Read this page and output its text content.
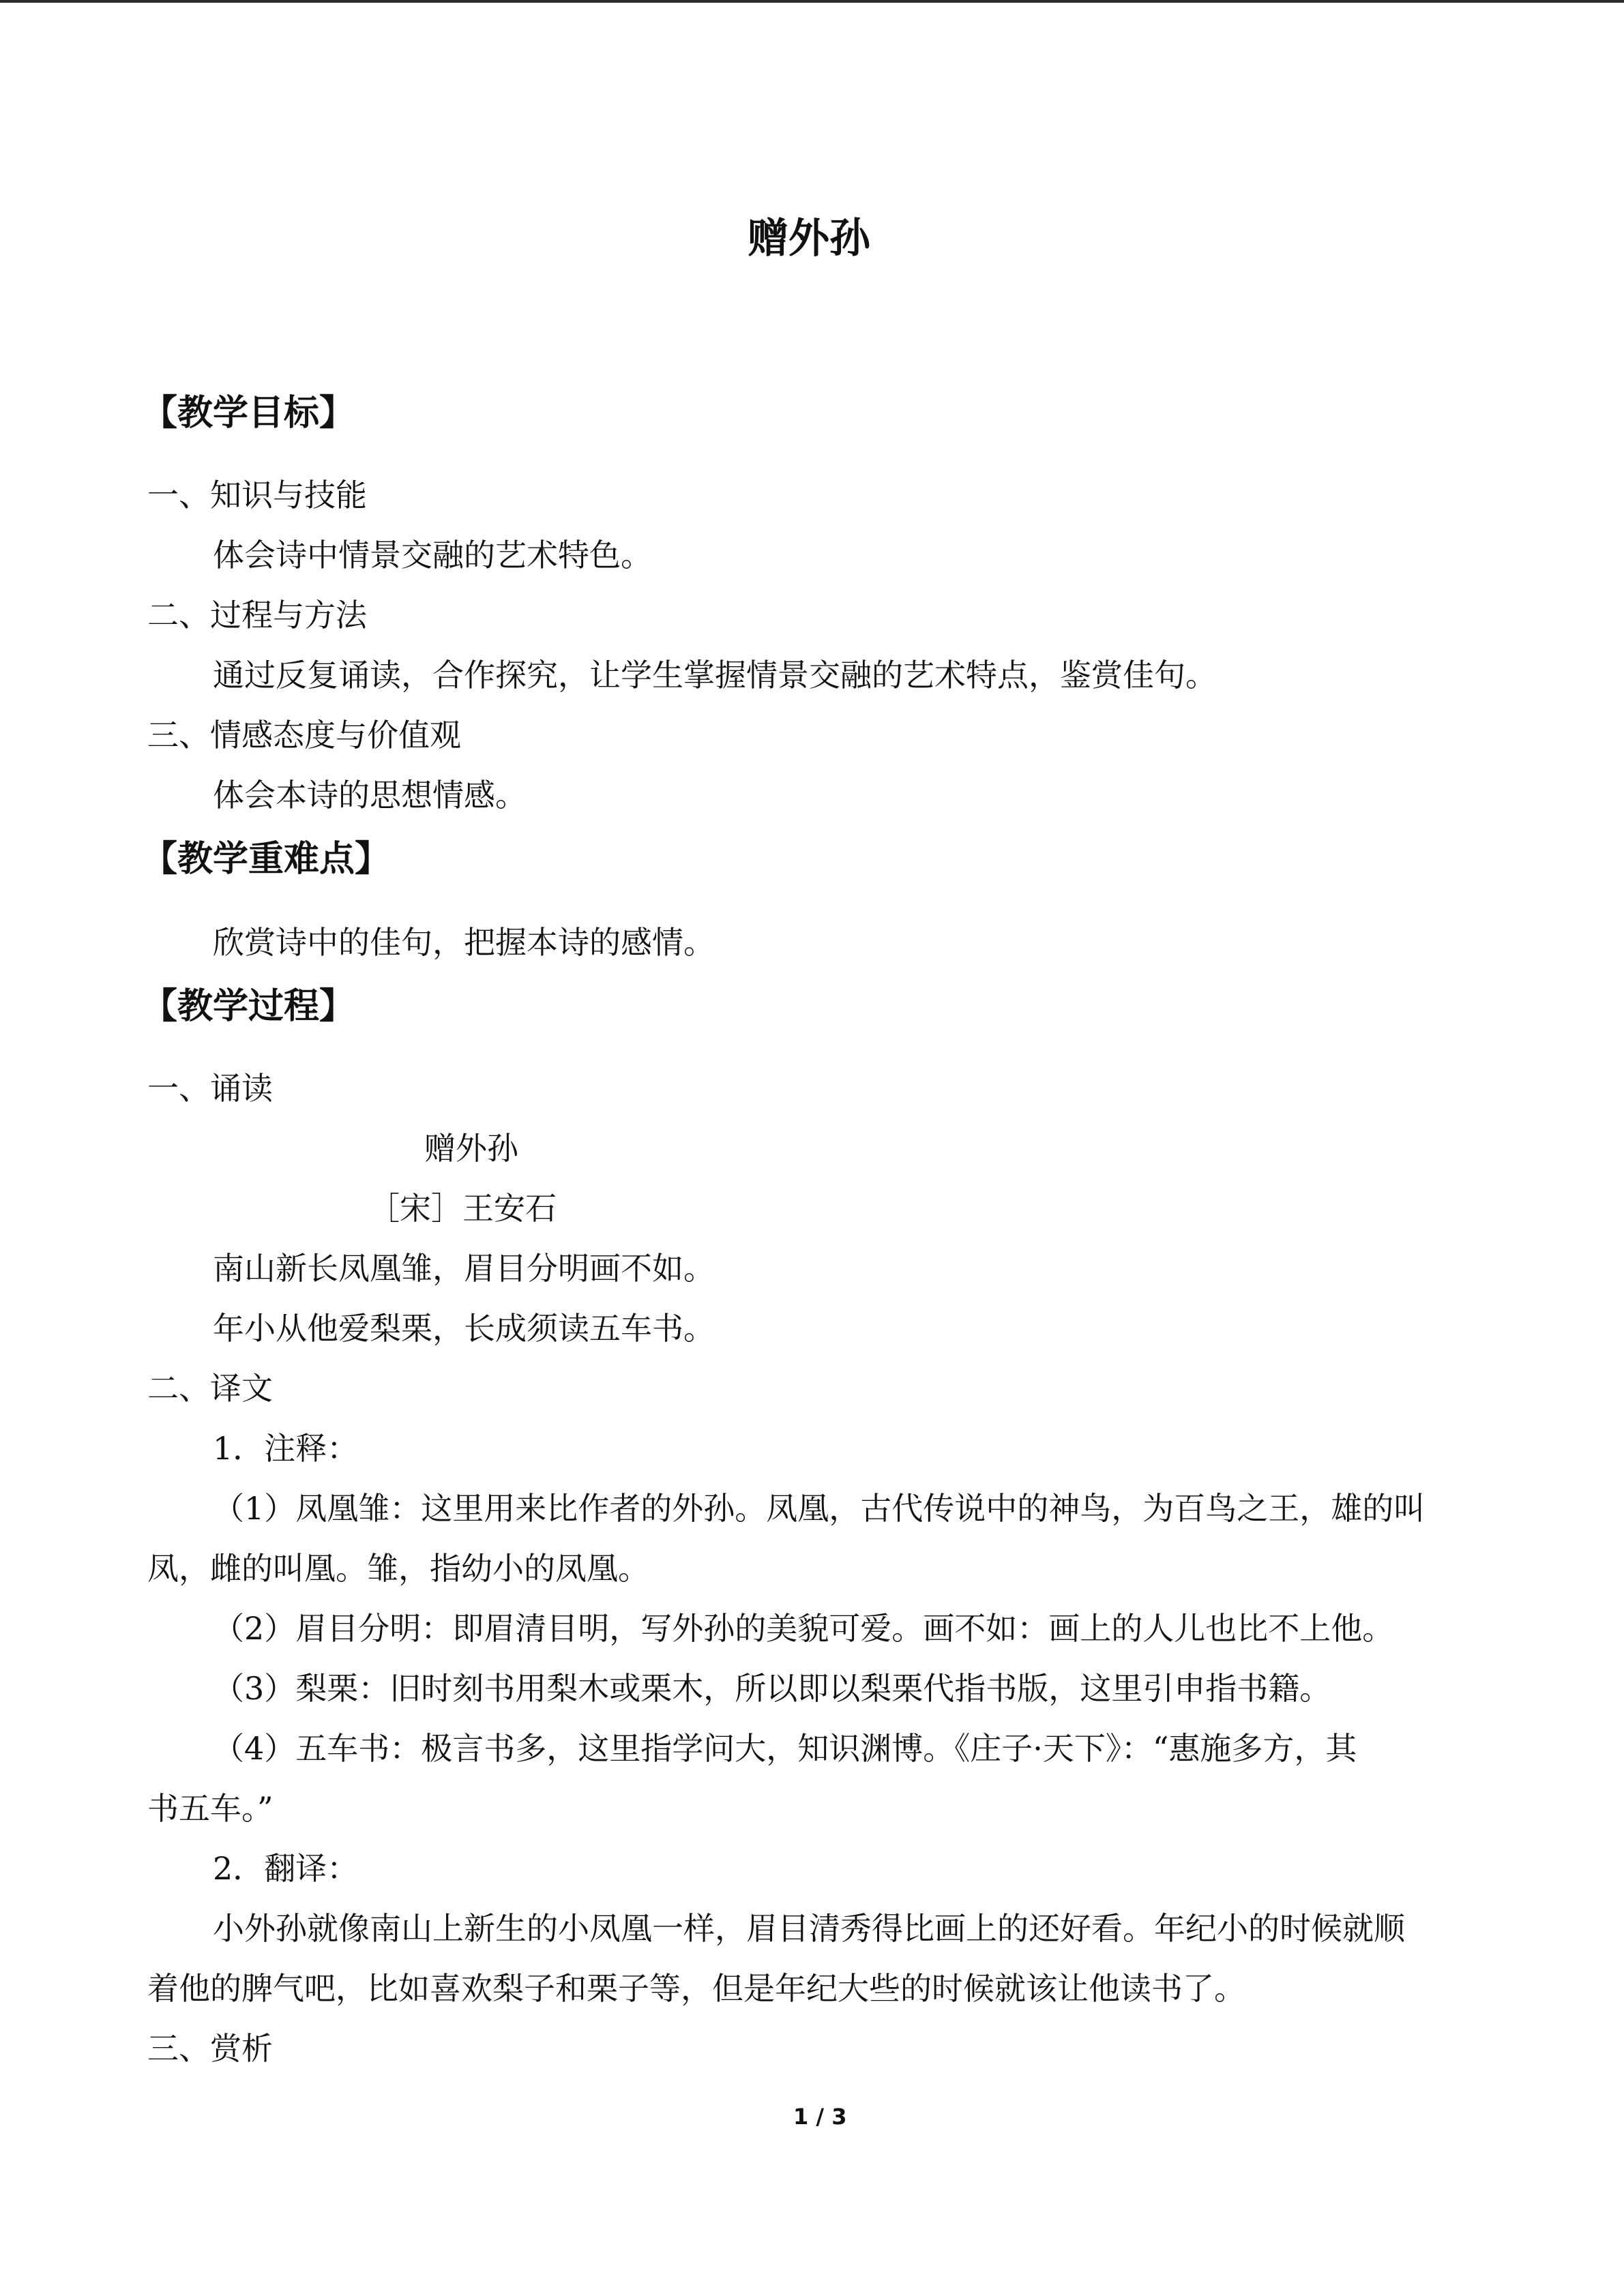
赠外孙
【教学目标】
一、知识与技能
体会诗中情景交融的艺术特色。
二、过程与方法
通过反复诵读，合作探究，让学生掌握情景交融的艺术特点，鉴赏佳句。
三、情感态度与价值观
体会本诗的思想情感。
【教学重难点】
欣赏诗中的佳句，把握本诗的感情。
【教学过程】
一、诵读
赠外孙
［宋］王安石
南山新长凤凰雏，眉目分明画不如。
年小从他爱梨栗，长成须读五车书。
二、译文
1．注释：
（1）凤凰雏：这里用来比作者的外孙。凤凰，古代传说中的神鸟，为百鸟之王，雄的叫
凤，雌的叫凰。雏，指幼小的凤凰。
（2）眉目分明：即眉清目明，写外孙的美貌可爱。画不如：画上的人儿也比不上他。
（3）梨栗：旧时刻书用梨木或栗木，所以即以梨栗代指书版，这里引申指书籍。
（4）五车书：极言书多，这里指学问大，知识渊博。《庄子·天下》：“惠施多方，其
书五车。”
2．翻译：
小外孙就像南山上新生的小凤凰一样，眉目清秀得比画上的还好看。年纪小的时候就顺
着他的脾气吧，比如喜欢梨子和栗子等，但是年纪大些的时候就该让他读书了。
三、赏析
1 / 3
